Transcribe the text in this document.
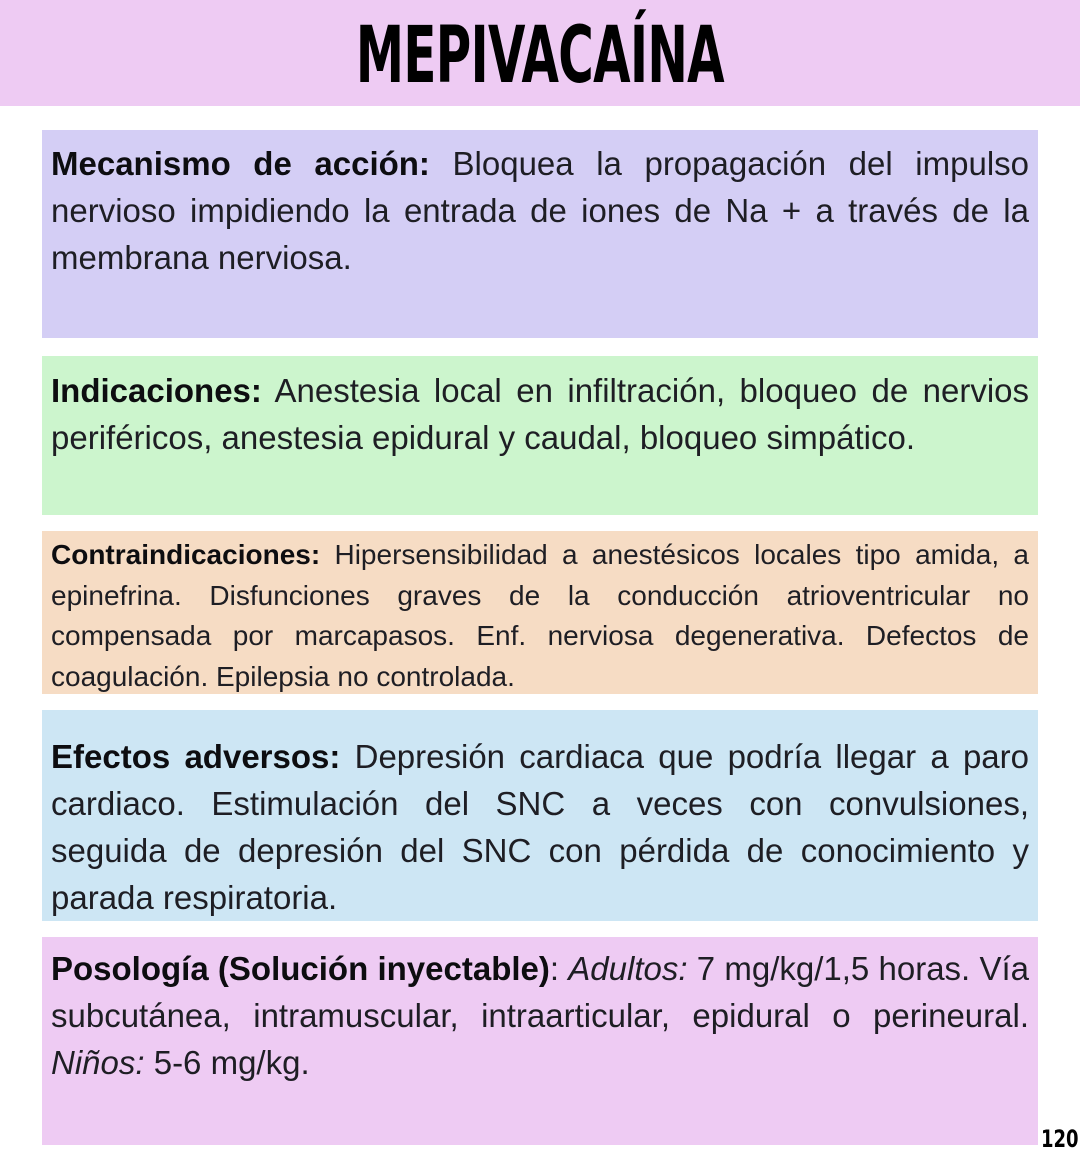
MEPIVACAÍNA

Mecanismo de acción: Bloquea la propagación del impulso nervioso impidiendo la entrada de iones de Na + a través de la membrana nerviosa.

Indicaciones: Anestesia local en infiltración, bloqueo de nervios periféricos, anestesia epidural y caudal, bloqueo simpático.

Contraindicaciones: Hipersensibilidad a anestésicos locales tipo amida, a epinefrina. Disfunciones graves de la conducción atrioventricular no compensada por marcapasos. Enf. nerviosa degenerativa. Defectos de coagulación. Epilepsia no controlada.

Efectos adversos: Depresión cardiaca que podría llegar a paro cardiaco. Estimulación del SNC a veces con convulsiones, seguida de depresión del SNC con pérdida de conocimiento y parada respiratoria.

Posología (Solución inyectable): Adultos: 7 mg/kg/1,5 horas. Vía subcutánea, intramuscular, intraarticular, epidural o perineural. Niños: 5-6 mg/kg.

120
